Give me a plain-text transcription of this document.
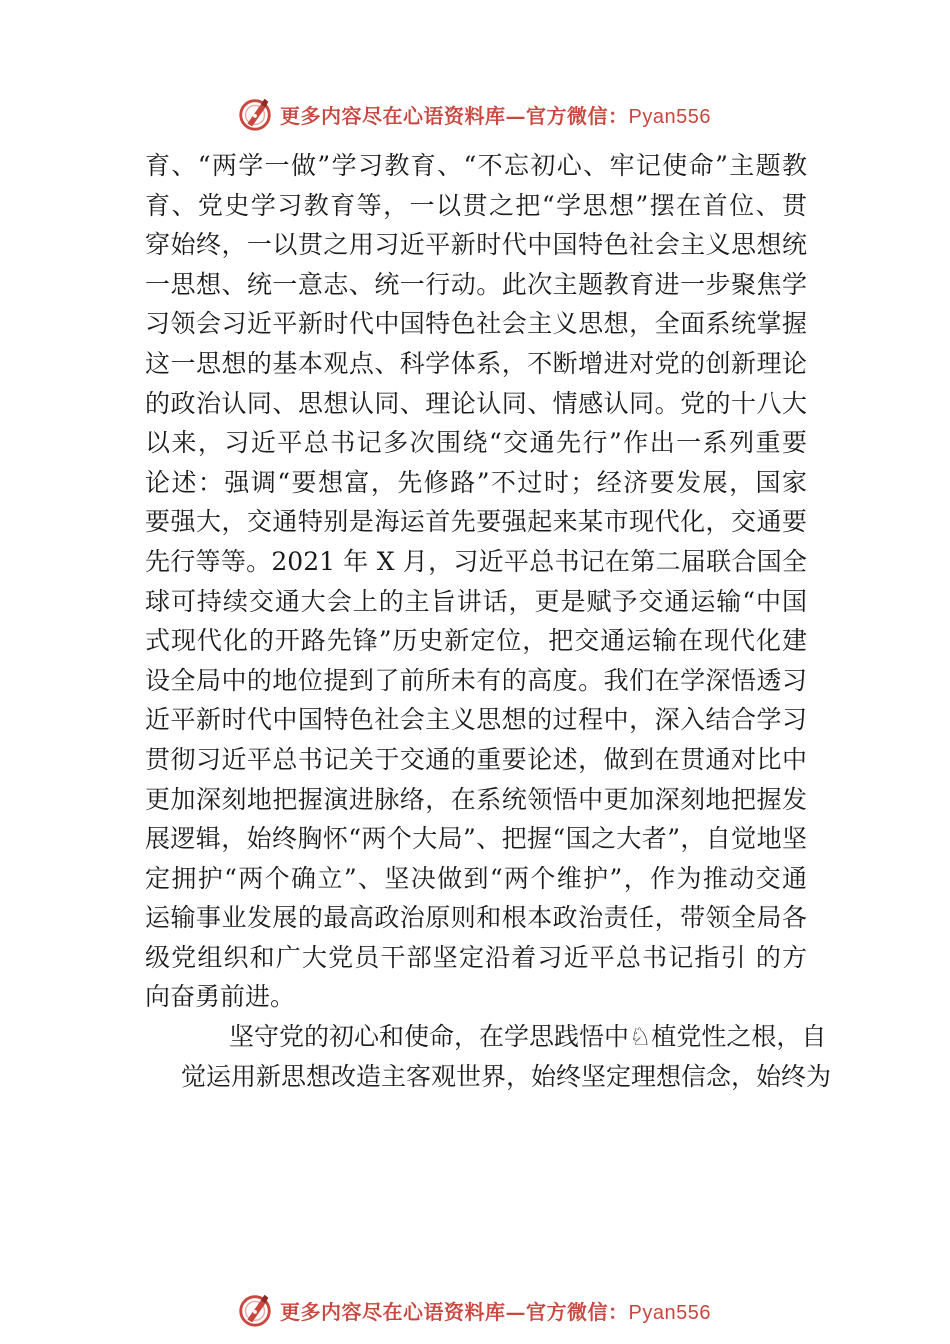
更多内容尽在心语资料库—官方微信：Pyan556
育、“两学一做”学习教育、“不忘初心、牢记使命”主题教
育、党史学习教育等，一以贯之把“学思想”摆在首位、贯
穿始终，一以贯之用习近平新时代中国特色社会主义思想统
一思想、统一意志、统一行动。此次主题教育进一步聚焦学
习领会习近平新时代中国特色社会主义思想，全面系统掌握
这一思想的基本观点、科学体系，不断增进对党的创新理论
的政治认同、思想认同、理论认同、情感认同。党的十八大
以来，习近平总书记多次围绕“交通先行”作出一系列重要
论述：强调“要想富，先修路”不过时；经济要发展，国家
要强大，交通特别是海运首先要强起来某市现代化，交通要
先行等等。2021 年 X 月，习近平总书记在第二届联合国全
球可持续交通大会上的主旨讲话，更是赋予交通运输“中国
式现代化的开路先锋”历史新定位，把交通运输在现代化建
设全局中的地位提到了前所未有的高度。我们在学深悟透习
近平新时代中国特色社会主义思想的过程中，深入结合学习
贯彻习近平总书记关于交通的重要论述，做到在贯通对比中
更加深刻地把握演进脉络，在系统领悟中更加深刻地把握发
展逻辑，始终胸怀“两个大局”、把握“国之大者”，自觉地坚
定拥护“两个确立”、坚决做到“两个维护”，作为推动交通
运输事业发展的最高政治原则和根本政治责任，带领全局各
级党组织和广大党员干部坚定沿着习近平总书记指引 的方
向奋勇前进。
坚守党的初心和使命，在学思践悟中♘植党性之根，自
觉运用新思想改造主客观世界，始终坚定理想信念，始终为
更多内容尽在心语资料库—官方微信：Pyan556
